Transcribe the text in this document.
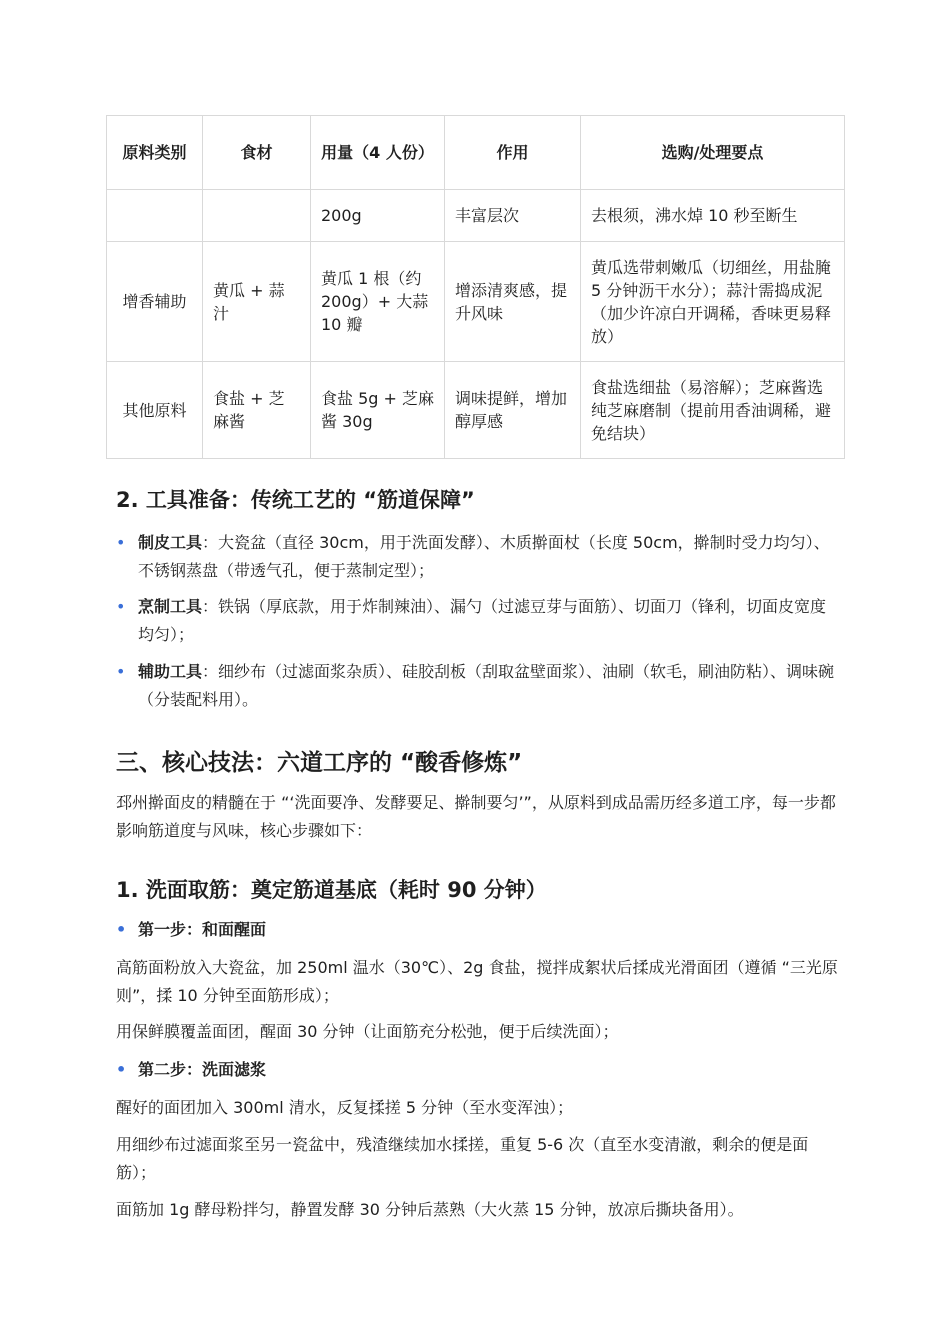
原料类别	食材	用量（4 人份）	作用	选购/处理要点
		200g	丰富层次	去根须，沸水焯 10 秒至断生
增香辅助	黄瓜 + 蒜汁	黄瓜 1 根（约 200g）+ 大蒜 10 瓣	增添清爽感，提升风味	黄瓜选带刺嫩瓜（切细丝，用盐腌 5 分钟沥干水分）；蒜汁需捣成泥（加少许凉白开调稀，香味更易释放）
其他原料	食盐 + 芝麻酱	食盐 5g + 芝麻酱 30g	调味提鲜，增加醇厚感	食盐选细盐（易溶解）；芝麻酱选纯芝麻磨制（提前用香油调稀，避免结块）
2. 工具准备：传统工艺的 “筋道保障”
• 制皮工具：大瓷盆（直径 30cm，用于洗面发酵）、木质擀面杖（长度 50cm，擀制时受力均匀）、不锈钢蒸盘（带透气孔，便于蒸制定型）；
• 烹制工具：铁锅（厚底款，用于炸制辣油）、漏勺（过滤豆芽与面筋）、切面刀（锋利，切面皮宽度均匀）；
• 辅助工具：细纱布（过滤面浆杂质）、硅胶刮板（刮取盆壁面浆）、油刷（软毛，刷油防粘）、调味碗（分装配料用）。
三、核心技法：六道工序的 “酸香修炼”
邳州擀面皮的精髓在于 “‘洗面要净、发酵要足、擀制要匀’”，从原料到成品需历经多道工序，每一步都影响筋道度与风味，核心步骤如下：
1. 洗面取筋：奠定筋道基底（耗时 90 分钟）
• 第一步：和面醒面
高筋面粉放入大瓷盆，加 250ml 温水（30℃）、2g 食盐，搅拌成絮状后揉成光滑面团（遵循 “三光原则”，揉 10 分钟至面筋形成）；
用保鲜膜覆盖面团，醒面 30 分钟（让面筋充分松弛，便于后续洗面）；
• 第二步：洗面滤浆
醒好的面团加入 300ml 清水，反复揉搓 5 分钟（至水变浑浊）；
用细纱布过滤面浆至另一瓷盆中，残渣继续加水揉搓，重复 5-6 次（直至水变清澈，剩余的便是面筋）；
面筋加 1g 酵母粉拌匀，静置发酵 30 分钟后蒸熟（大火蒸 15 分钟，放凉后撕块备用）。
